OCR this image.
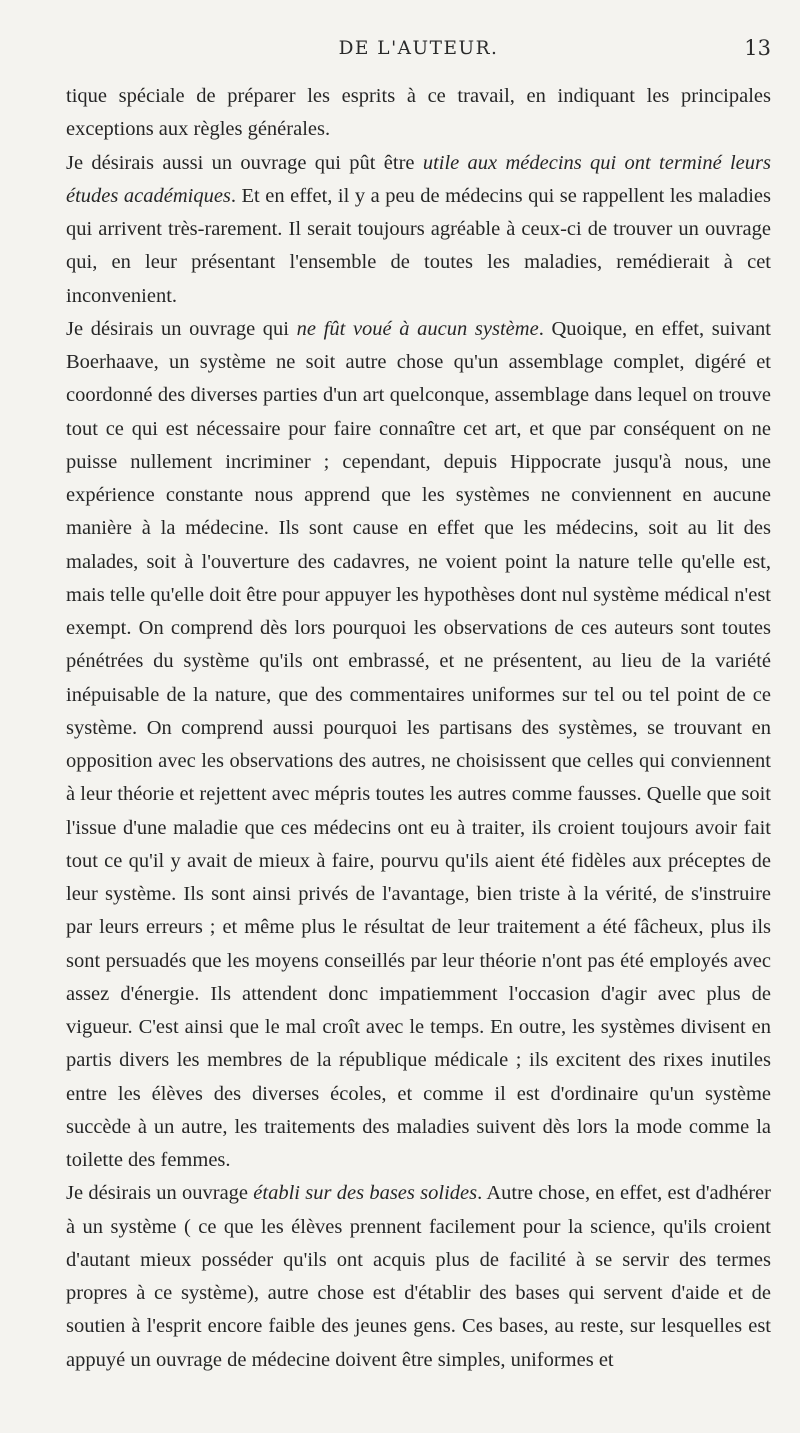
DE L'AUTEUR.	13

tique spéciale de préparer les esprits à ce travail, en indiquant les principales exceptions aux règles générales.

Je désirais aussi un ouvrage qui pût être utile aux médecins qui ont terminé leurs études académiques. Et en effet, il y a peu de médecins qui se rappellent les maladies qui arrivent très-rarement. Il serait toujours agréable à ceux-ci de trouver un ouvrage qui, en leur présentant l'ensemble de toutes les maladies, remédierait à cet inconvenient.

Je désirais un ouvrage qui ne fût voué à aucun système. Quoique, en effet, suivant Boerhaave, un système ne soit autre chose qu'un assemblage complet, digéré et coordonné des diverses parties d'un art quelconque, assemblage dans lequel on trouve tout ce qui est nécessaire pour faire connaître cet art, et que par conséquent on ne puisse nullement incriminer ; cependant, depuis Hippocrate jusqu'à nous, une expérience constante nous apprend que les systèmes ne conviennent en aucune manière à la médecine. Ils sont cause en effet que les médecins, soit au lit des malades, soit à l'ouverture des cadavres, ne voient point la nature telle qu'elle est, mais telle qu'elle doit être pour appuyer les hypothèses dont nul système médical n'est exempt. On comprend dès lors pourquoi les observations de ces auteurs sont toutes pénétrées du système qu'ils ont embrassé, et ne présentent, au lieu de la variété inépuisable de la nature, que des commentaires uniformes sur tel ou tel point de ce système. On comprend aussi pourquoi les partisans des systèmes, se trouvant en opposition avec les observations des autres, ne choisissent que celles qui conviennent à leur théorie et rejettent avec mépris toutes les autres comme fausses. Quelle que soit l'issue d'une maladie que ces médecins ont eu à traiter, ils croient toujours avoir fait tout ce qu'il y avait de mieux à faire, pourvu qu'ils aient été fidèles aux préceptes de leur système. Ils sont ainsi privés de l'avantage, bien triste à la vérité, de s'instruire par leurs erreurs ; et même plus le résultat de leur traitement a été fâcheux, plus ils sont persuadés que les moyens conseillés par leur théorie n'ont pas été employés avec assez d'énergie. Ils attendent donc impatiemment l'occasion d'agir avec plus de vigueur. C'est ainsi que le mal croît avec le temps. En outre, les systèmes divisent en partis divers les membres de la république médicale ; ils excitent des rixes inutiles entre les élèves des diverses écoles, et comme il est d'ordinaire qu'un système succède à un autre, les traitements des maladies suivent dès lors la mode comme la toilette des femmes.

Je désirais un ouvrage établi sur des bases solides. Autre chose, en effet, est d'adhérer à un système ( ce que les élèves prennent facilement pour la science, qu'ils croient d'autant mieux posséder qu'ils ont acquis plus de facilité à se servir des termes propres à ce système), autre chose est d'établir des bases qui servent d'aide et de soutien à l'esprit encore faible des jeunes gens. Ces bases, au reste, sur lesquelles est appuyé un ouvrage de médecine doivent être simples, uniformes et
